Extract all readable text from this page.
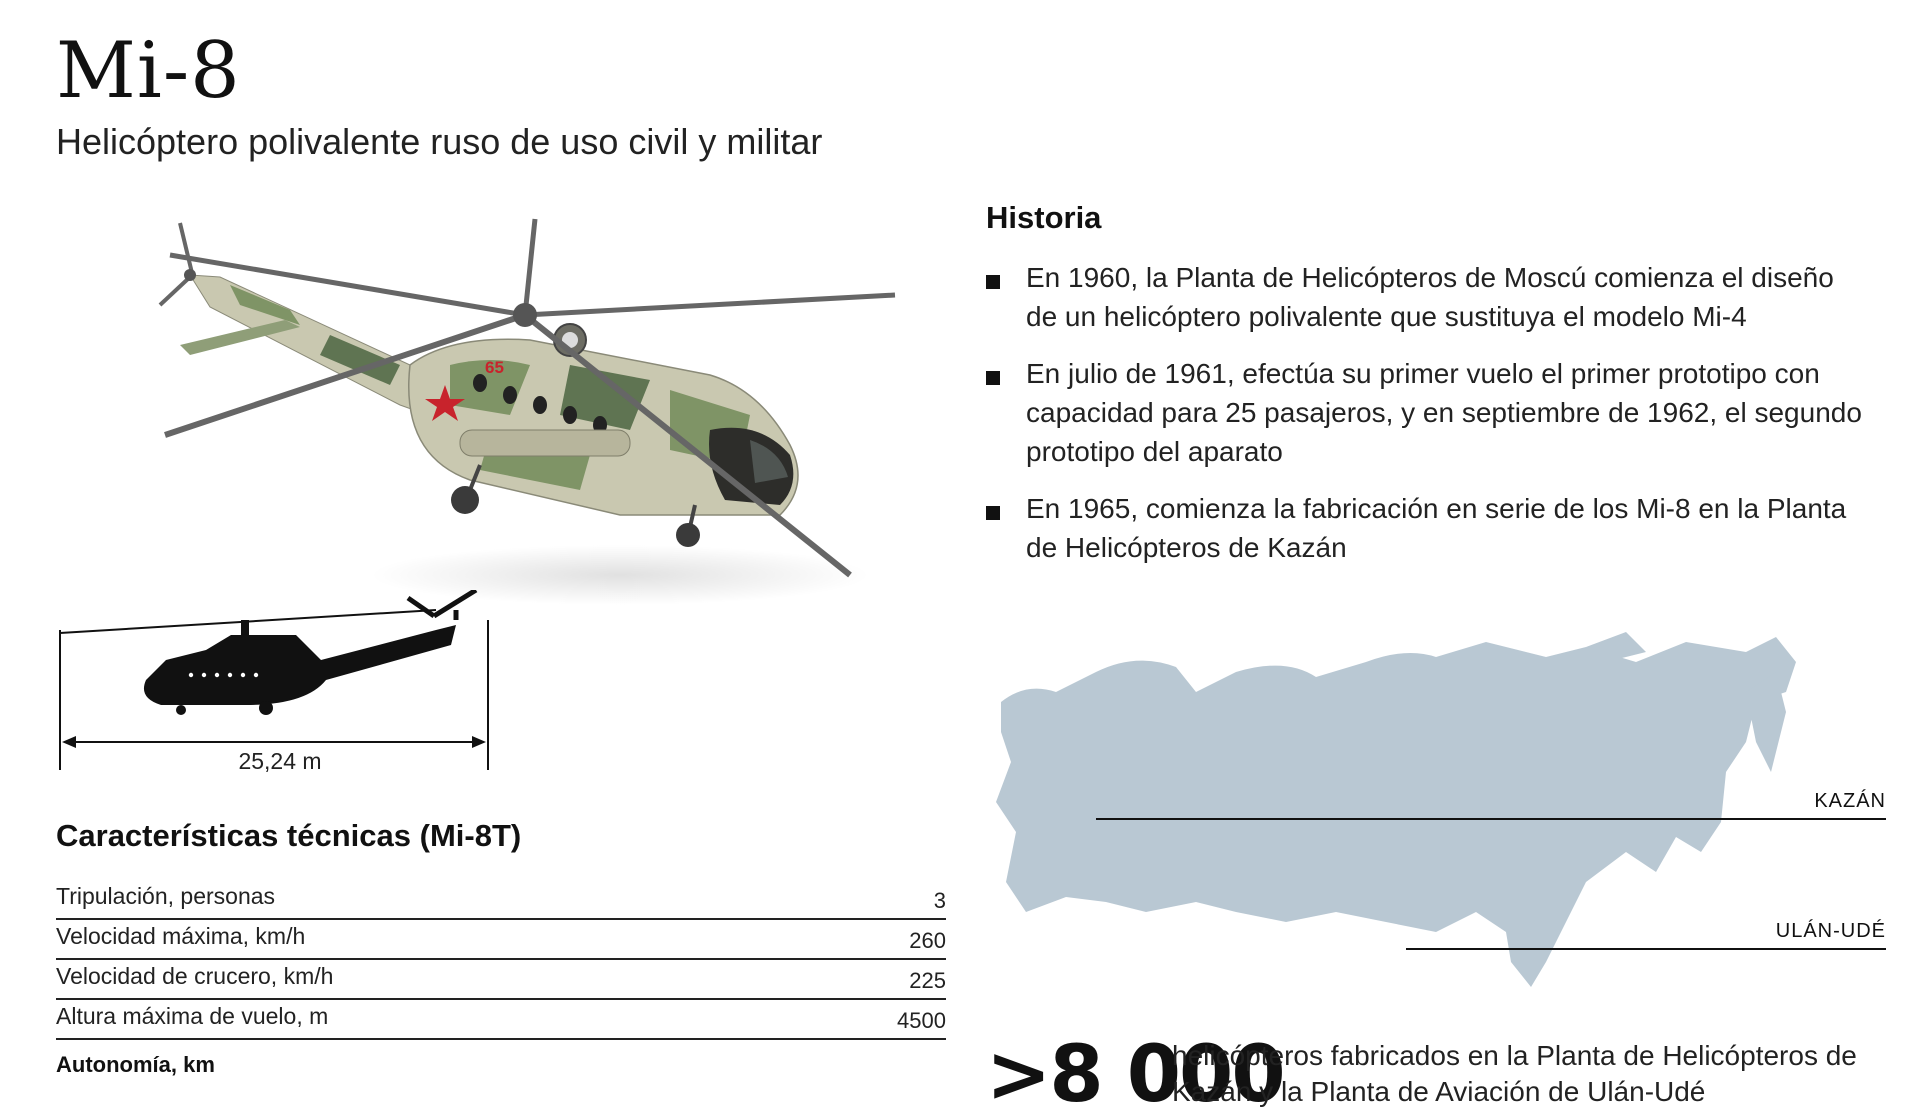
Mi-8
Helicóptero polivalente ruso de uso civil y militar
65
25,24 m
Características técnicas (Mi-8T)
Tripulación, personas	3
Velocidad máxima, km/h	260
Velocidad de crucero, km/h	225
Altura máxima de vuelo, m	4500
Autonomía, km
Historia
En 1960, la Planta de Helicópteros de Moscú comienza el diseño de un helicóptero polivalente que sustituya el modelo Mi-4
En julio de 1961, efectúa su primer vuelo el primer prototipo con capacidad para 25 pasajeros, y en septiembre de 1962, el segundo prototipo del aparato
En 1965, comienza la fabricación en serie de los Mi-8 en la Planta de Helicópteros de Kazán
KAZÁN
ULÁN-UDÉ
>8 000
helicópteros fabricados en la Planta de Helicópteros de Kazán y la Planta de Aviación de Ulán-Udé
